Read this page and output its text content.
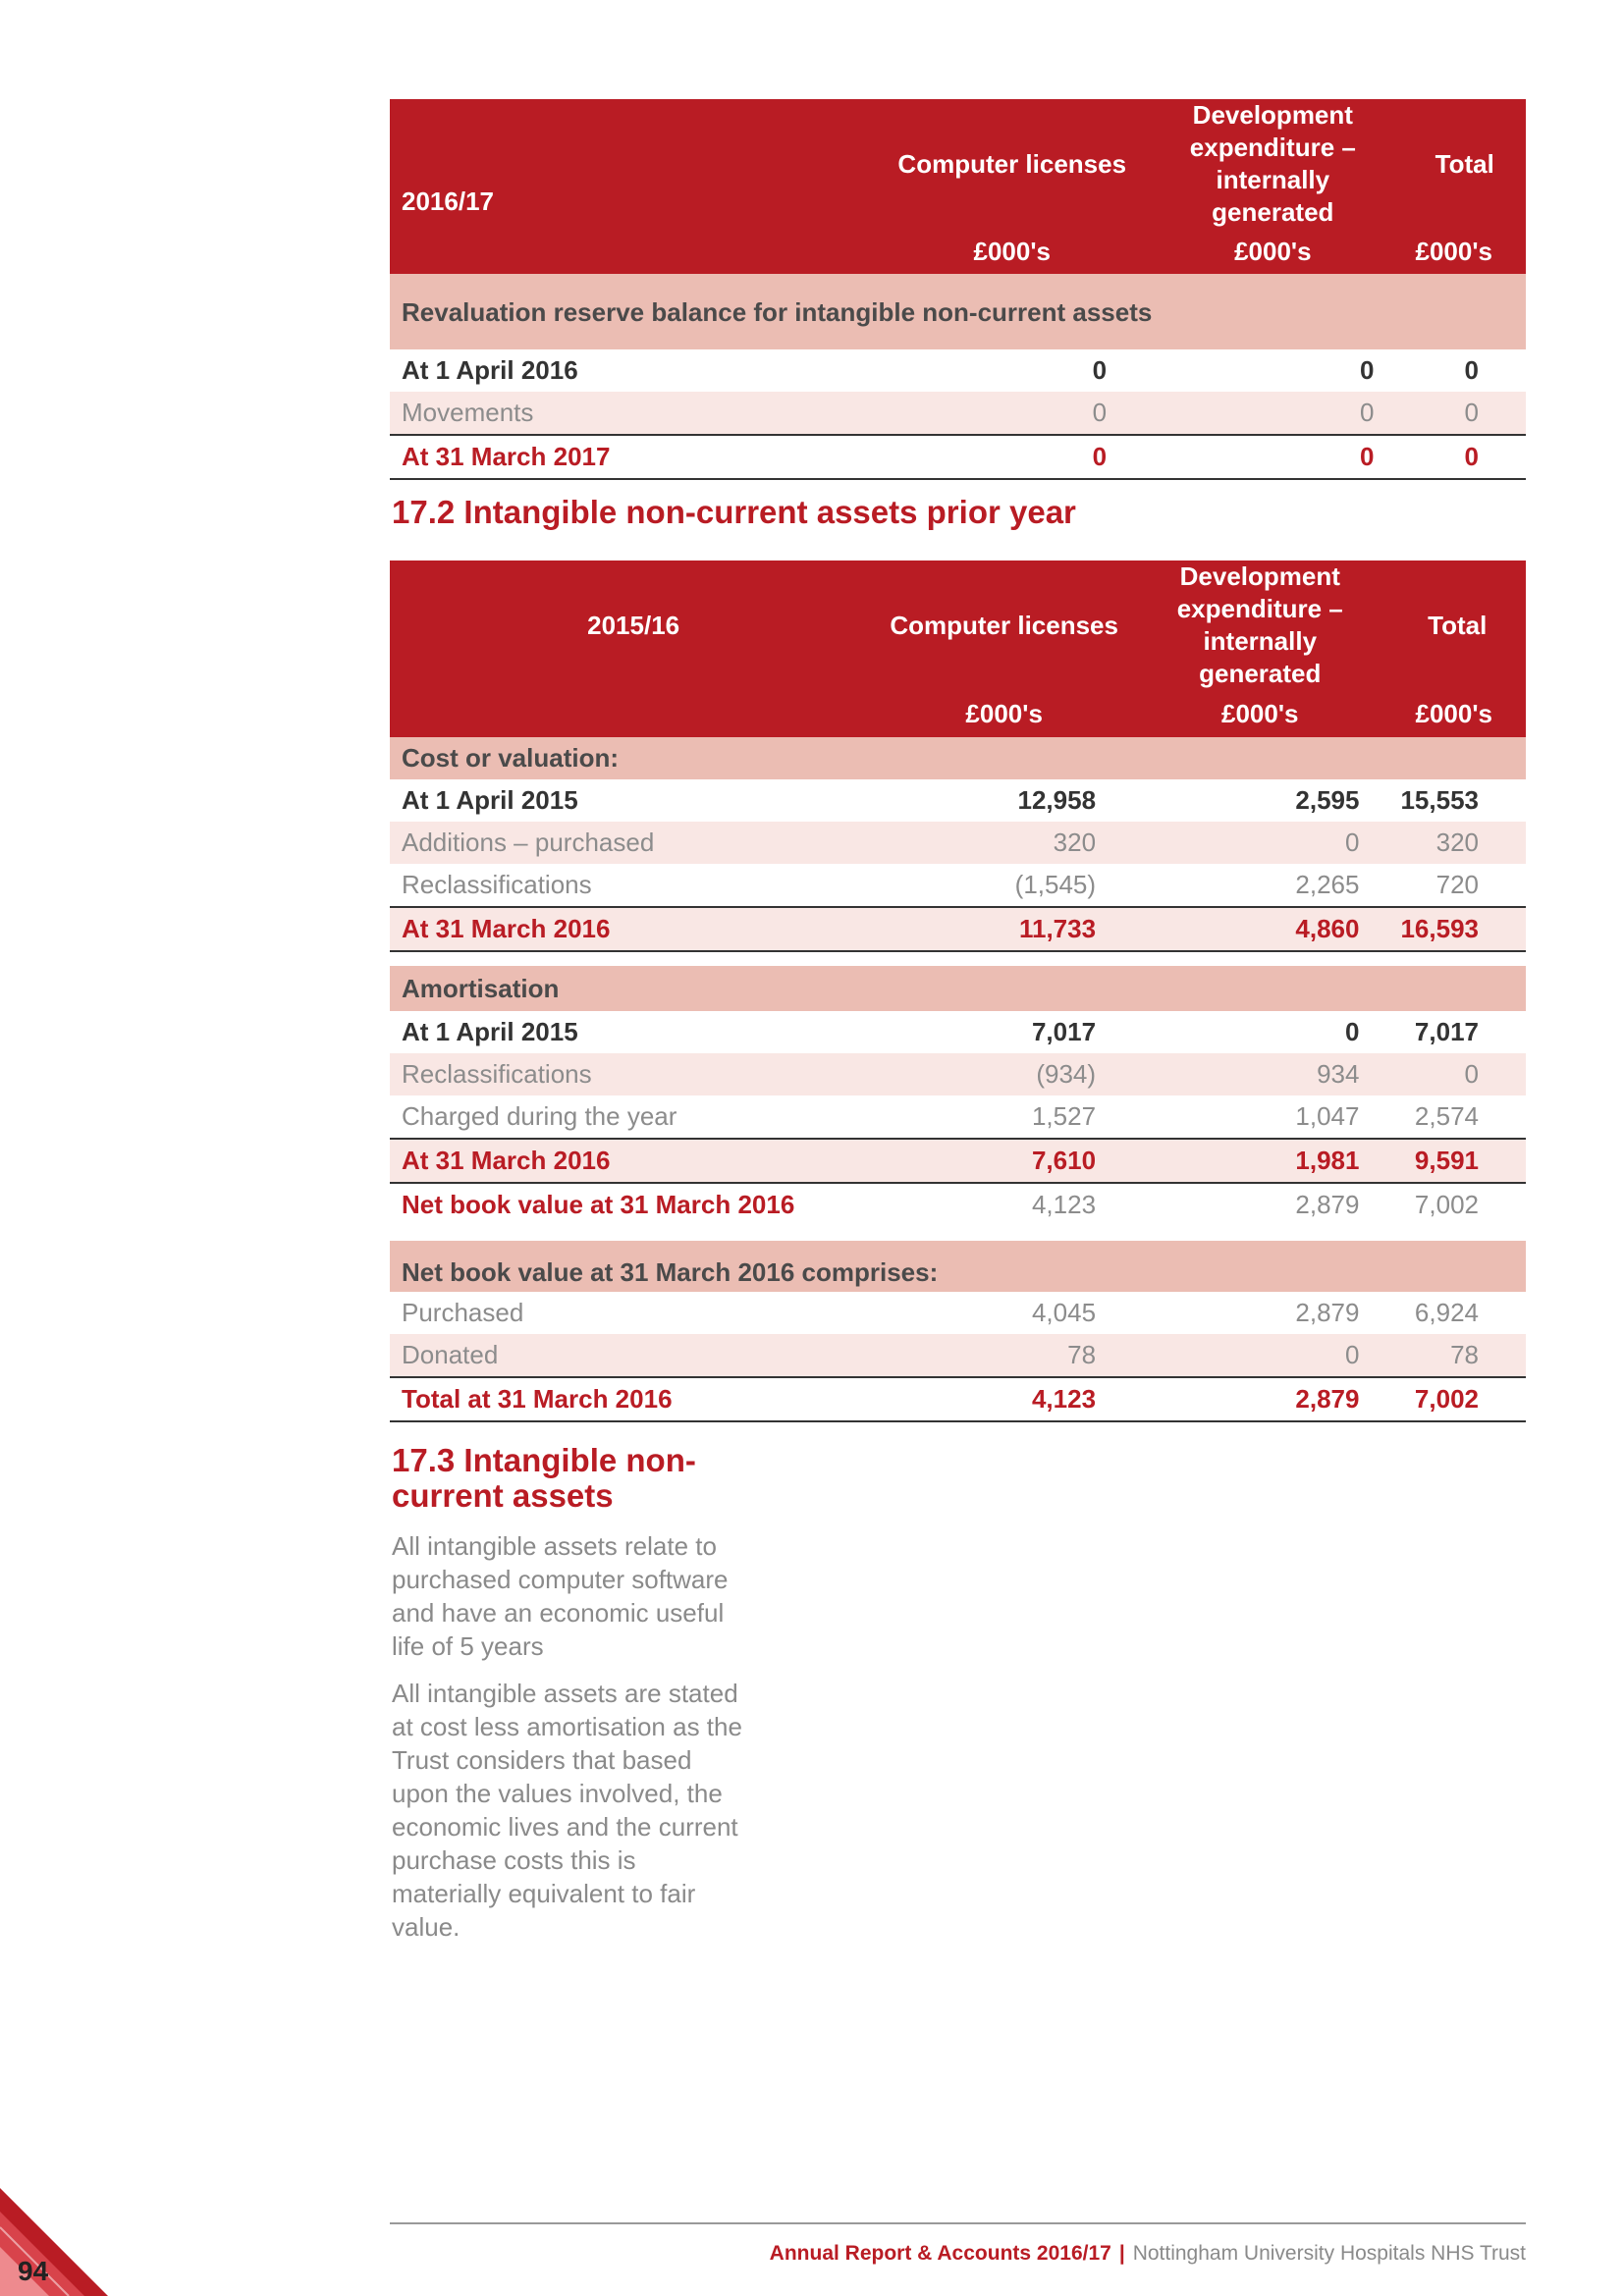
2016/17	Computer licenses	Development expenditure – internally generated	Total
	£000's	£000's	£000's
Revaluation reserve balance for intangible non-current assets			
At 1 April 2016	0	0	0
Movements	0	0	0
At 31 March 2017	0	0	0
17.2 Intangible non-current assets prior year
2015/16	Computer licenses	Development expenditure – internally generated	Total
	£000's	£000's	£000's
Cost or valuation:			
At 1 April 2015	12,958	2,595	15,553
Additions – purchased	320	0	320
Reclassifications	(1,545)	2,265	720
At 31 March 2016	11,733	4,860	16,593

Amortisation			
At 1 April 2015	7,017	0	7,017
Reclassifications	(934)	934	0
Charged during the year	1,527	1,047	2,574
At 31 March 2016	7,610	1,981	9,591
Net book value at 31 March 2016	4,123	2,879	7,002

Net book value at 31 March 2016 comprises:			
Purchased	4,045	2,879	6,924
Donated	78	0	78
Total at 31 March 2016	4,123	2,879	7,002
17.3 Intangible non-current assets

All intangible assets relate to purchased computer software and have an economic useful life of 5 years

All intangible assets are stated at cost less amortisation as the Trust considers that based upon the values involved, the economic lives and the current purchase costs this is materially equivalent to fair value.

Annual Report & Accounts 2016/17 | Nottingham University Hospitals NHS Trust
94
